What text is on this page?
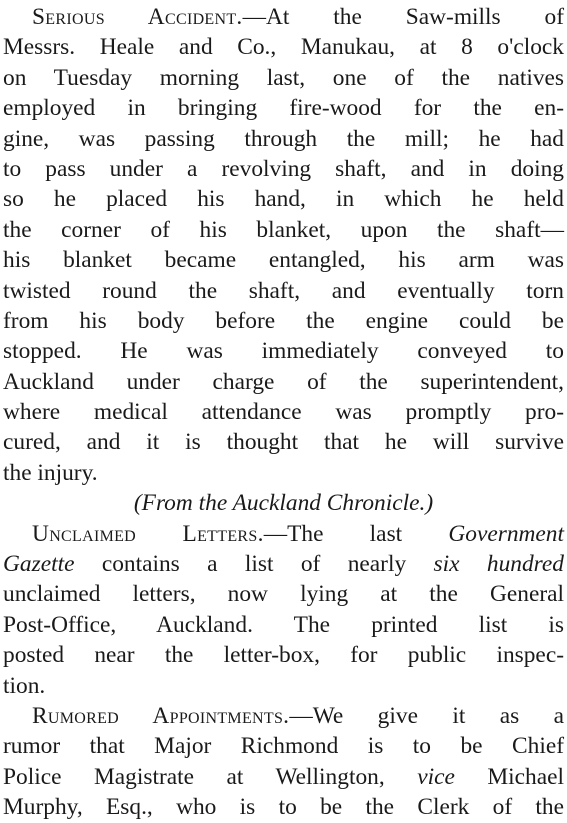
Serious Accident.—At the Saw-mills of
Messrs. Heale and Co., Manukau, at 8 o'clock
on Tuesday morning last, one of the natives
employed in bringing fire-wood for the en-
gine, was passing through the mill; he had
to pass under a revolving shaft, and in doing
so he placed his hand, in which he held
the corner of his blanket, upon the shaft—
his blanket became entangled, his arm was
twisted round the shaft, and eventually torn
from his body before the engine could be
stopped. He was immediately conveyed to
Auckland under charge of the superintendent,
where medical attendance was promptly pro-
cured, and it is thought that he will survive
the injury.
(From the Auckland Chronicle.)
Unclaimed Letters.—The last Government
Gazette contains a list of nearly six hundred
unclaimed letters, now lying at the General
Post-Office, Auckland. The printed list is
posted near the letter-box, for public inspec-
tion.
Rumored Appointments.—We give it as a
rumor that Major Richmond is to be Chief
Police Magistrate at Wellington, vice Michael
Murphy, Esq., who is to be the Clerk of the
